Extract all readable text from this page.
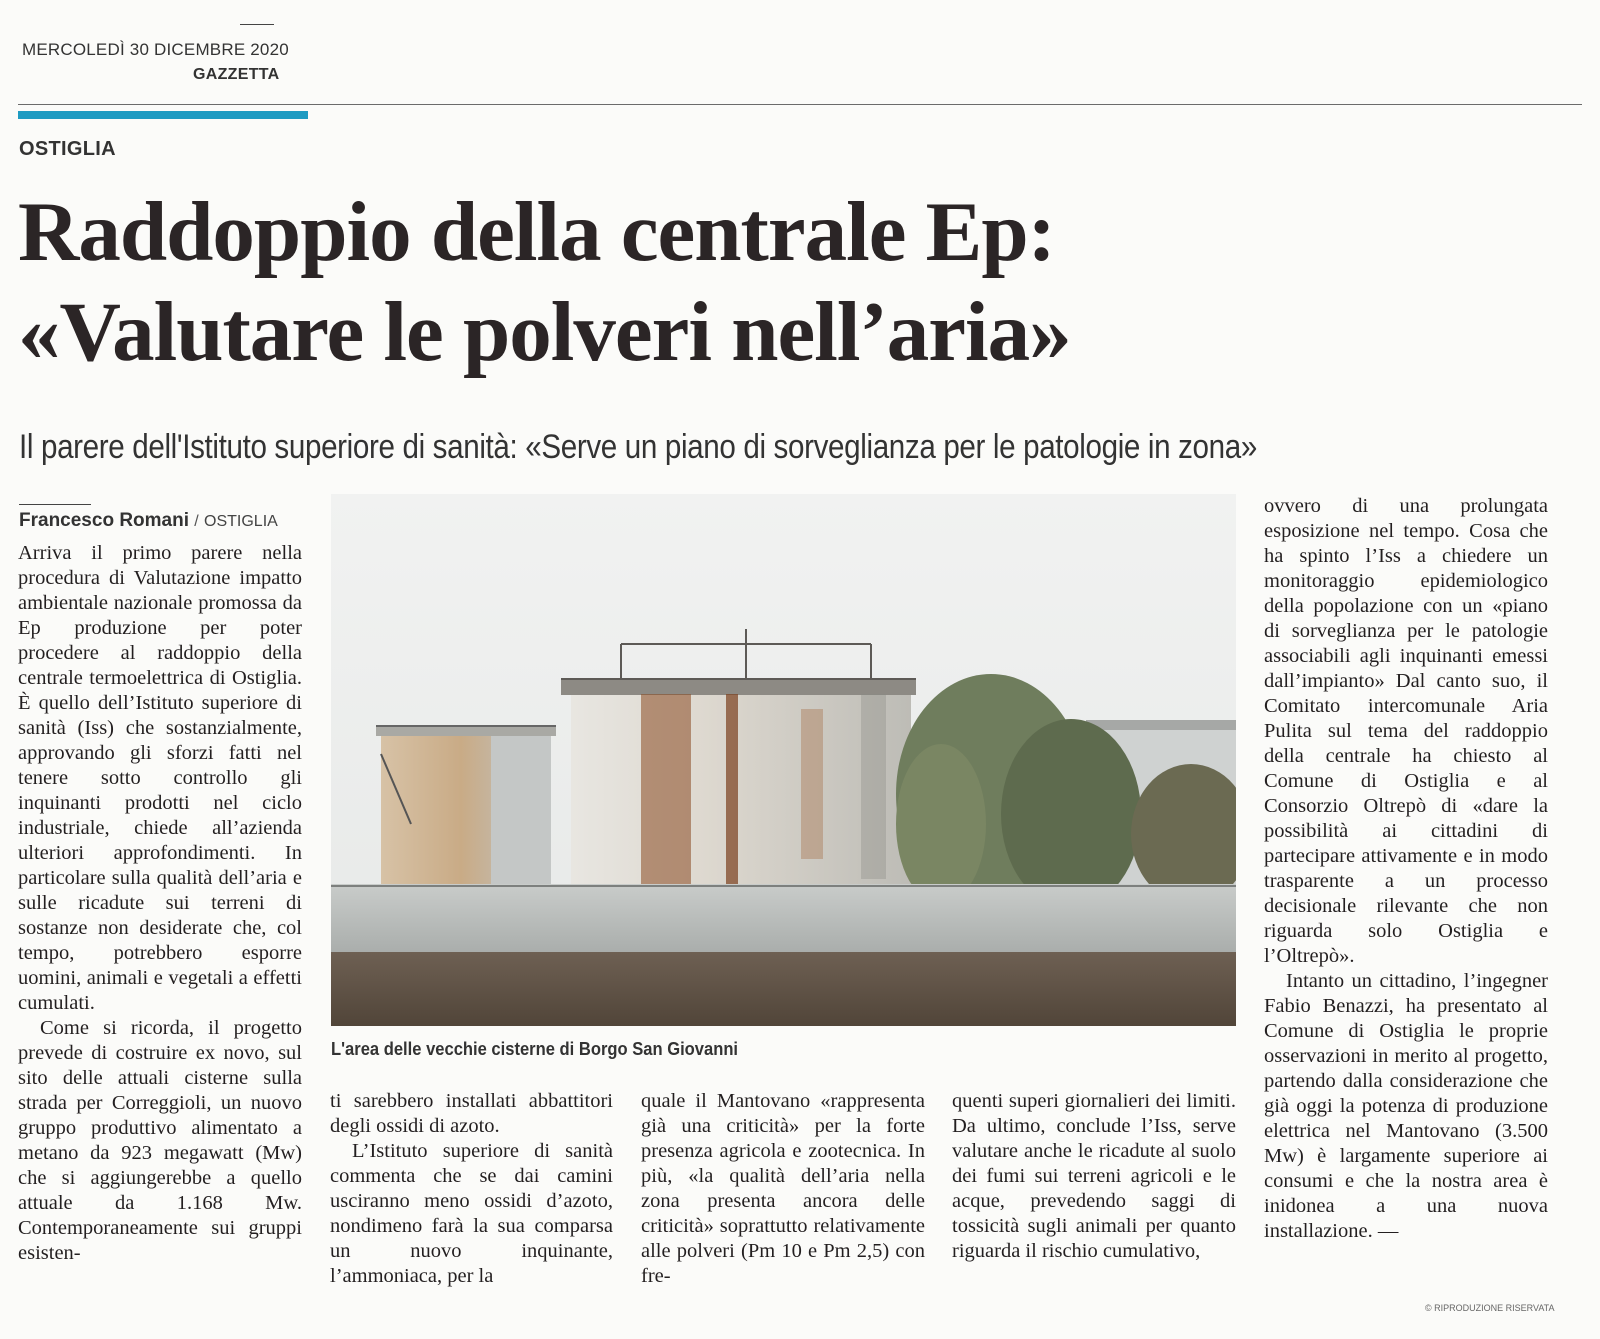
MERCOLEDÌ 30 DICEMBRE 2020
GAZZETTA
OSTIGLIA
Raddoppio della centrale Ep:
«Valutare le polveri nell’aria»
Il parere dell'Istituto superiore di sanità: «Serve un piano di sorveglianza per le patologie in zona»
Francesco Romani / OSTIGLIA

Arriva il primo parere nella procedura di Valutazione impatto ambientale nazionale promossa da Ep produzione per poter procedere al raddoppio della centrale termoelettrica di Ostiglia. È quello dell’Istituto superiore di sanità (Iss) che sostanzialmente, approvando gli sforzi fatti nel tenere sotto controllo gli inquinanti prodotti nel ciclo industriale, chiede all’azienda ulteriori approfondimenti. In particolare sulla qualità dell’aria e sulle ricadute sui terreni di sostanze non desiderate che, col tempo, potrebbero esporre uomini, animali e vegetali a effetti cumulati.

Come si ricorda, il progetto prevede di costruire ex novo, sul sito delle attuali cisterne sulla strada per Correggioli, un nuovo gruppo produttivo alimentato a metano da 923 megawatt (Mw) che si aggiungerebbe a quello attuale da 1.168 Mw. Contemporaneamente sui gruppi esisten-

L'area delle vecchie cisterne di Borgo San Giovanni

ti sarebbero installati abbattitori degli ossidi di azoto.

L’Istituto superiore di sanità commenta che se dai camini usciranno meno ossidi d’azoto, nondimeno farà la sua comparsa un nuovo inquinante, l’ammoniaca, per la

quale il Mantovano «rappresenta già una criticità» per la forte presenza agricola e zootecnica. In più, «la qualità dell’aria nella zona presenta ancora delle criticità» soprattutto relativamente alle polveri (Pm 10 e Pm 2,5) con fre-

quenti superi giornalieri dei limiti. Da ultimo, conclude l’Iss, serve valutare anche le ricadute al suolo dei fumi sui terreni agricoli e le acque, prevedendo saggi di tossicità sugli animali per quanto riguarda il rischio cumulativo,

ovvero di una prolungata esposizione nel tempo. Cosa che ha spinto l’Iss a chiedere un monitoraggio epidemiologico della popolazione con un «piano di sorveglianza per le patologie associabili agli inquinanti emessi dall’impianto» Dal canto suo, il Comitato intercomunale Aria Pulita sul tema del raddoppio della centrale ha chiesto al Comune di Ostiglia e al Consorzio Oltrepò di «dare la possibilità ai cittadini di partecipare attivamente e in modo trasparente a un processo decisionale rilevante che non riguarda solo Ostiglia e l’Oltrepò».

Intanto un cittadino, l’ingegner Fabio Benazzi, ha presentato al Comune di Ostiglia le proprie osservazioni in merito al progetto, partendo dalla considerazione che già oggi la potenza di produzione elettrica nel Mantovano (3.500 Mw) è largamente superiore ai consumi e che la nostra area è inidonea a una nuova installazione. —

© RIPRODUZIONE RISERVATA
